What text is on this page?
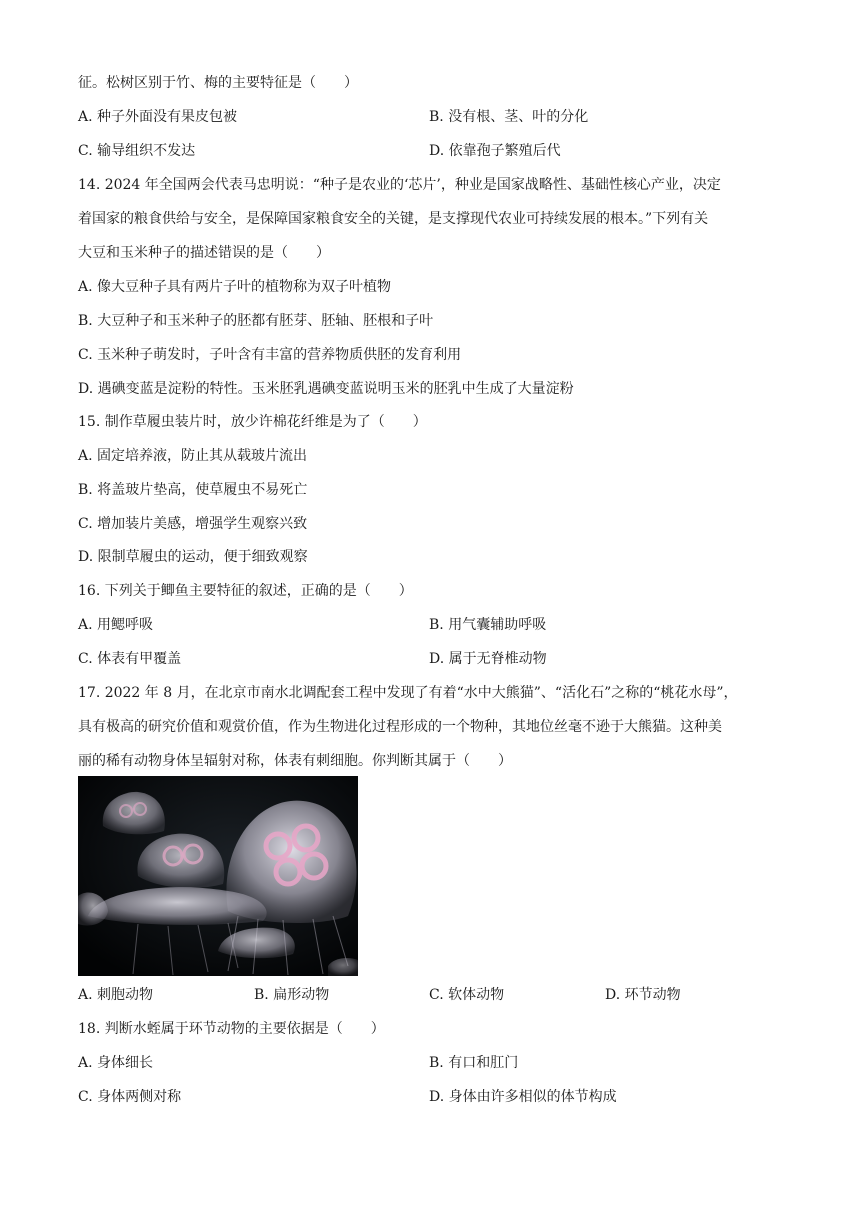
征。松树区别于竹、梅的主要特征是（　　）
A. 种子外面没有果皮包被	B. 没有根、茎、叶的分化
C. 输导组织不发达	D. 依靠孢子繁殖后代
14. 2024 年全国两会代表马忠明说：“种子是农业的‘芯片’，种业是国家战略性、基础性核心产业，决定
着国家的粮食供给与安全，是保障国家粮食安全的关键，是支撑现代农业可持续发展的根本。”下列有关
大豆和玉米种子的描述错误的是（　　）
A. 像大豆种子具有两片子叶的植物称为双子叶植物
B. 大豆种子和玉米种子的胚都有胚芽、胚轴、胚根和子叶
C. 玉米种子萌发时，子叶含有丰富的营养物质供胚的发育利用
D. 遇碘变蓝是淀粉的特性。玉米胚乳遇碘变蓝说明玉米的胚乳中生成了大量淀粉
15. 制作草履虫装片时，放少许棉花纤维是为了（　　）
A. 固定培养液，防止其从载玻片流出
B. 将盖玻片垫高，使草履虫不易死亡
C. 增加装片美感，增强学生观察兴致
D. 限制草履虫的运动，便于细致观察
16. 下列关于鲫鱼主要特征的叙述，正确的是（　　）
A. 用鳃呼吸	B. 用气囊辅助呼吸
C. 体表有甲覆盖	D. 属于无脊椎动物
17. 2022 年 8 月，在北京市南水北调配套工程中发现了有着“水中大熊猫”、“活化石”之称的“桃花水母”，
具有极高的研究价值和观赏价值，作为生物进化过程形成的一个物种，其地位丝毫不逊于大熊猫。这种美
丽的稀有动物身体呈辐射对称，体表有刺细胞。你判断其属于（　　）
A. 刺胞动物	B. 扁形动物	C. 软体动物	D. 环节动物
18. 判断水蛭属于环节动物的主要依据是（　　）
A. 身体细长	B. 有口和肛门
C. 身体两侧对称	D. 身体由许多相似的体节构成
